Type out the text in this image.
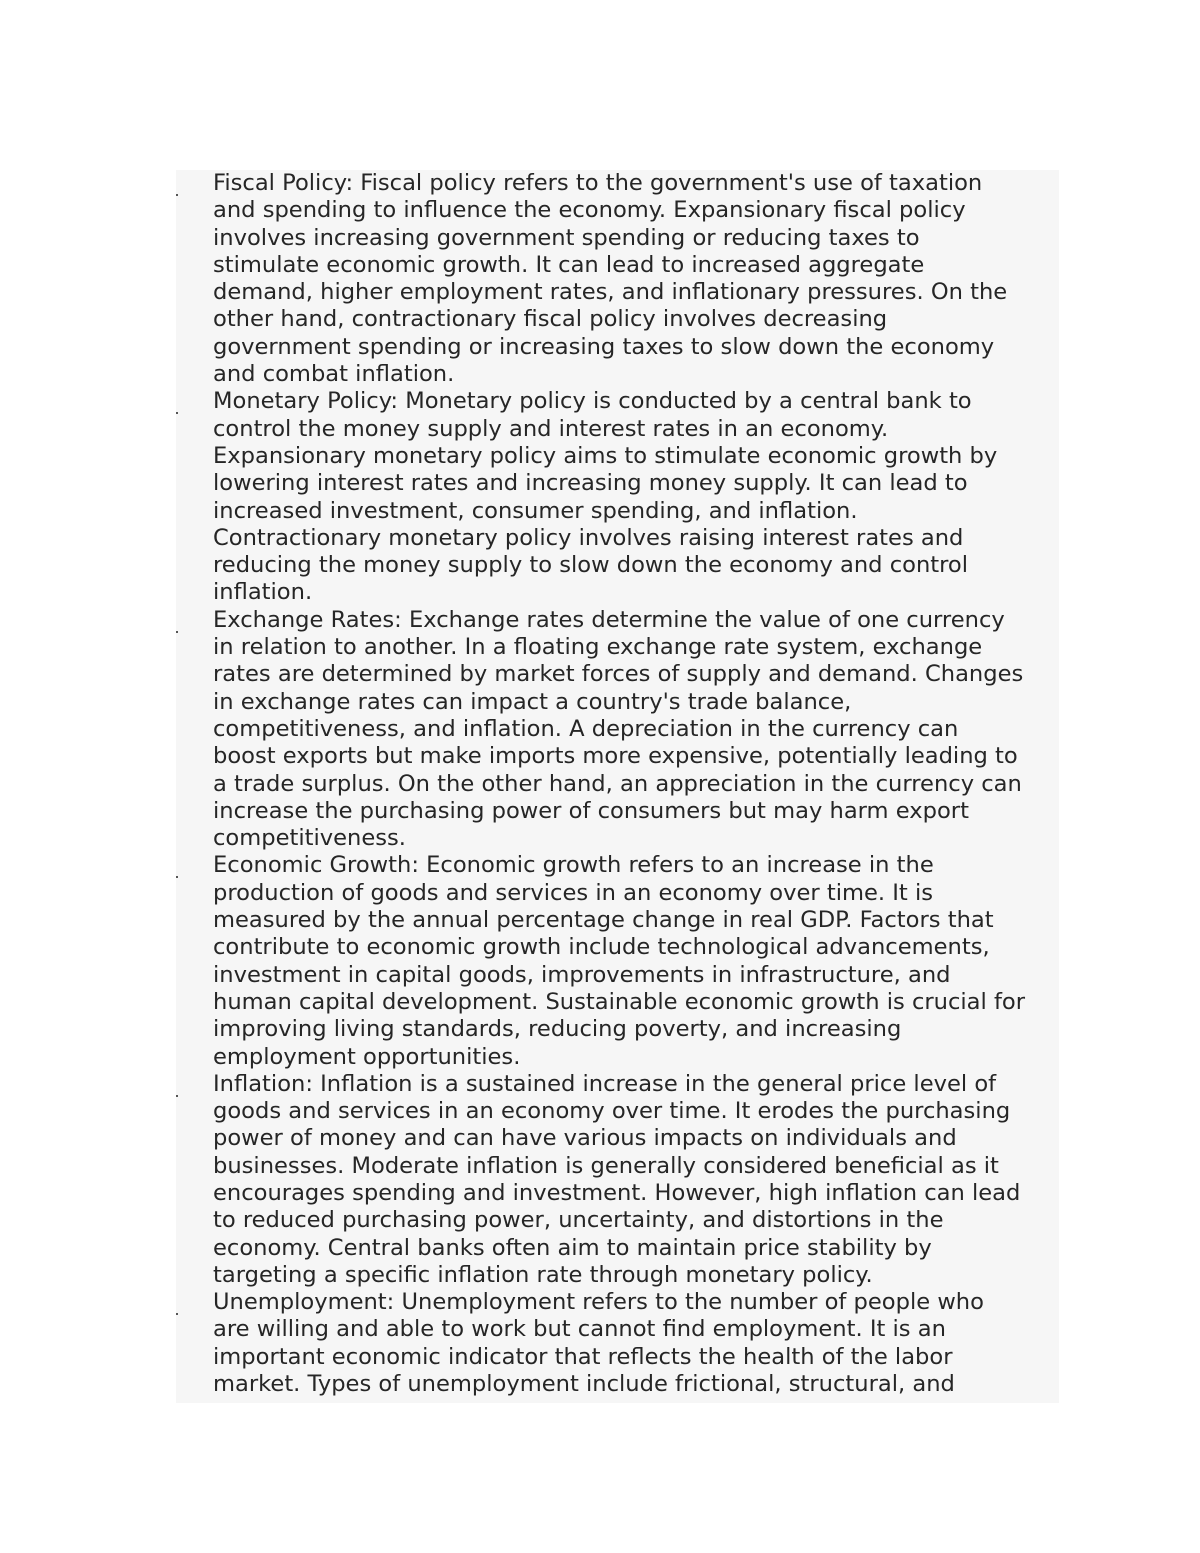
Fiscal Policy: Fiscal policy refers to the government's use of taxation
and spending to influence the economy. Expansionary fiscal policy
involves increasing government spending or reducing taxes to
stimulate economic growth. It can lead to increased aggregate
demand, higher employment rates, and inflationary pressures. On the
other hand, contractionary fiscal policy involves decreasing
government spending or increasing taxes to slow down the economy
and combat inflation.
Monetary Policy: Monetary policy is conducted by a central bank to
control the money supply and interest rates in an economy.
Expansionary monetary policy aims to stimulate economic growth by
lowering interest rates and increasing money supply. It can lead to
increased investment, consumer spending, and inflation.
Contractionary monetary policy involves raising interest rates and
reducing the money supply to slow down the economy and control
inflation.
Exchange Rates: Exchange rates determine the value of one currency
in relation to another. In a floating exchange rate system, exchange
rates are determined by market forces of supply and demand. Changes
in exchange rates can impact a country's trade balance,
competitiveness, and inflation. A depreciation in the currency can
boost exports but make imports more expensive, potentially leading to
a trade surplus. On the other hand, an appreciation in the currency can
increase the purchasing power of consumers but may harm export
competitiveness.
Economic Growth: Economic growth refers to an increase in the
production of goods and services in an economy over time. It is
measured by the annual percentage change in real GDP. Factors that
contribute to economic growth include technological advancements,
investment in capital goods, improvements in infrastructure, and
human capital development. Sustainable economic growth is crucial for
improving living standards, reducing poverty, and increasing
employment opportunities.
Inflation: Inflation is a sustained increase in the general price level of
goods and services in an economy over time. It erodes the purchasing
power of money and can have various impacts on individuals and
businesses. Moderate inflation is generally considered beneficial as it
encourages spending and investment. However, high inflation can lead
to reduced purchasing power, uncertainty, and distortions in the
economy. Central banks often aim to maintain price stability by
targeting a specific inflation rate through monetary policy.
Unemployment: Unemployment refers to the number of people who
are willing and able to work but cannot find employment. It is an
important economic indicator that reflects the health of the labor
market. Types of unemployment include frictional, structural, and
